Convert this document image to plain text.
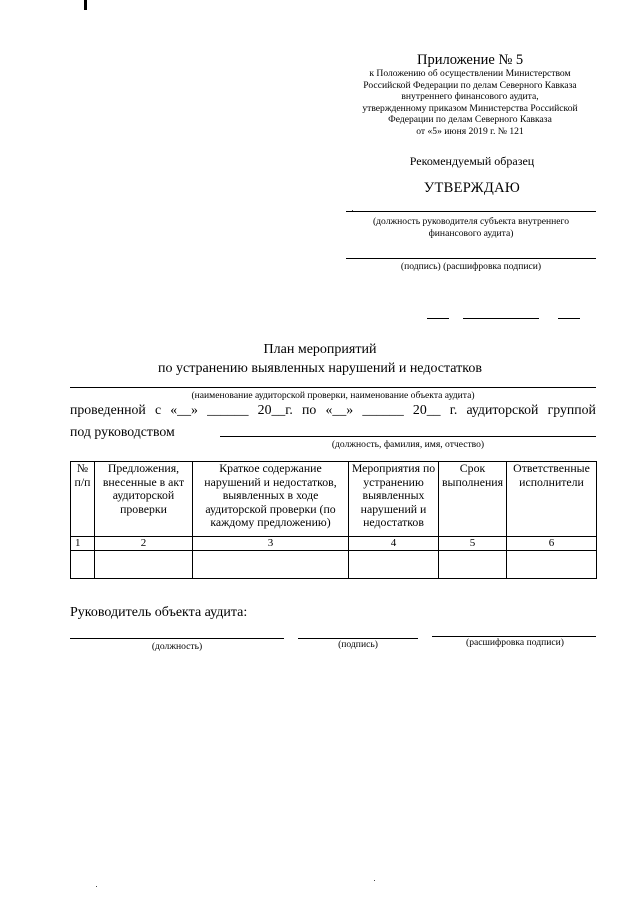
Приложение № 5
к Положению об осуществлении Министерством
Российской Федерации по делам Северного Кавказа
внутреннего финансового аудита,
утвержденному приказом Министерства Российской
Федерации по делам Северного Кавказа
от «5» июня 2019 г. № 121
Рекомендуемый образец
УТВЕРЖДАЮ
(должность руководителя субъекта внутреннего
финансового аудита)
(подпись) (расшифровка подписи)
План мероприятий
по устранению выявленных нарушений и недостатков
(наименование аудиторской проверки, наименование объекта аудита)
проведенной с «__» ______ 20__г. по «__» ______ 20__ г. аудиторской группой
под руководством
(должность, фамилия, имя, отчество)
№ п/п	Предложения, внесенные в акт аудиторской проверки	Краткое содержание нарушений и недостатков, выявленных в ходе аудиторской проверки (по каждому предложению)	Мероприятия по устранению выявленных нарушений и недостатков	Срок выполнения	Ответственные исполнители
1	2	3	4	5	6

Руководитель объекта аудита:
(должность)	(подпись)	(расшифровка подписи)
